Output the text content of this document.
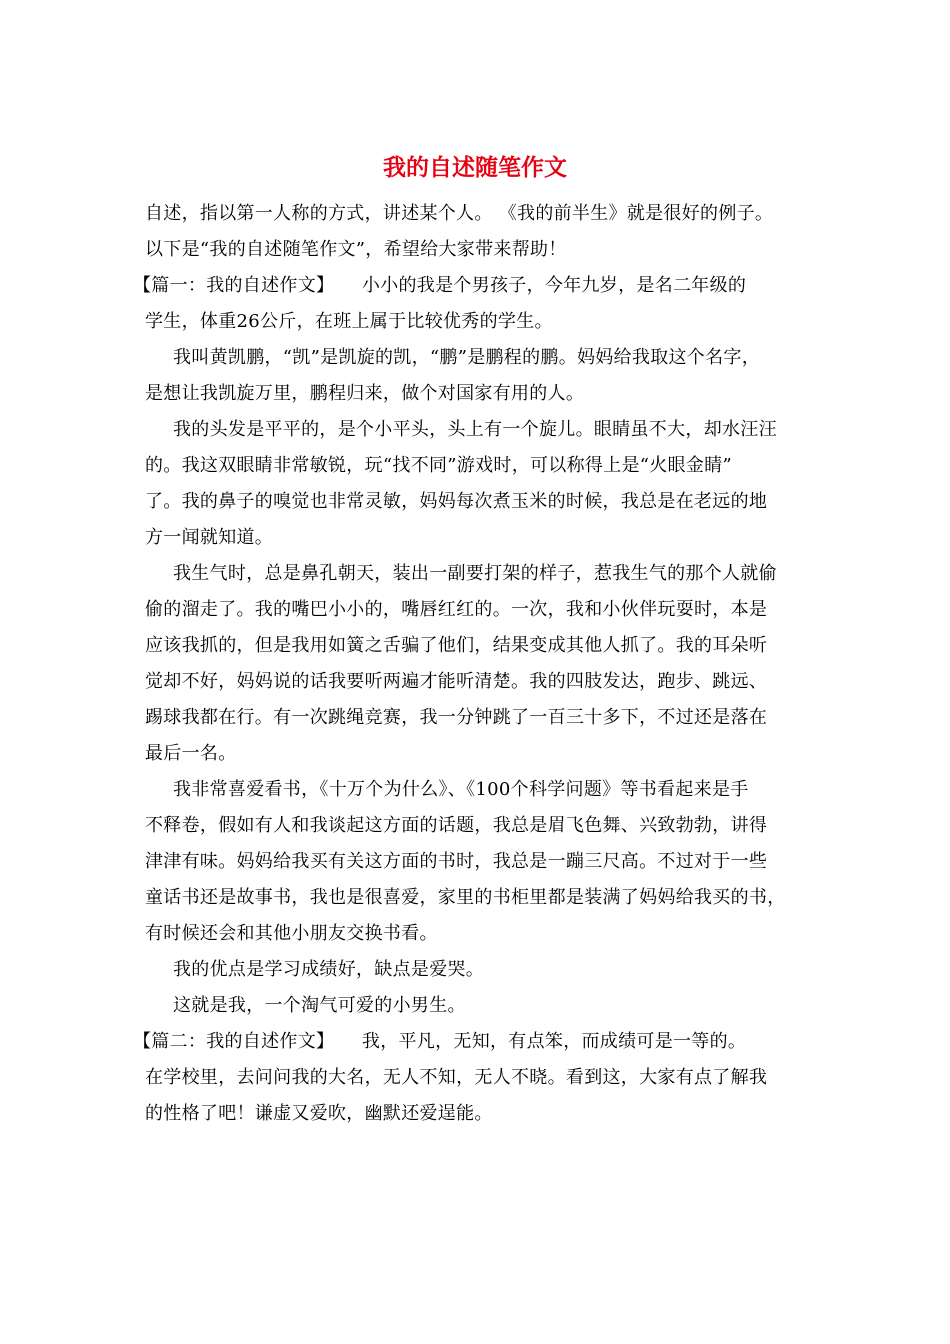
我的自述随笔作文
自述，指以第一人称的方式，讲述某个人。 《我的前半生》就是很好的例子。
以下是“我的自述随笔作文”，希望给大家带来帮助！
【篇一：我的自述作文】　　小小的我是个男孩子，今年九岁，是名二年级的
学生，体重26公斤，在班上属于比较优秀的学生。
我叫黄凯鹏，“凯”是凯旋的凯，“鹏”是鹏程的鹏。妈妈给我取这个名字，
是想让我凯旋万里，鹏程归来，做个对国家有用的人。
我的头发是平平的，是个小平头，头上有一个旋儿。眼睛虽不大，却水汪汪
的。我这双眼睛非常敏锐，玩“找不同”游戏时，可以称得上是“火眼金睛”
了。我的鼻子的嗅觉也非常灵敏，妈妈每次煮玉米的时候，我总是在老远的地
方一闻就知道。
我生气时，总是鼻孔朝天，装出一副要打架的样子，惹我生气的那个人就偷
偷的溜走了。我的嘴巴小小的，嘴唇红红的。一次，我和小伙伴玩耍时，本是
应该我抓的，但是我用如簧之舌骗了他们，结果变成其他人抓了。我的耳朵听
觉却不好，妈妈说的话我要听两遍才能听清楚。我的四肢发达，跑步、跳远、
踢球我都在行。有一次跳绳竞赛，我一分钟跳了一百三十多下，不过还是落在
最后一名。
我非常喜爱看书，《十万个为什么》、《100个科学问题》等书看起来是手
不释卷，假如有人和我谈起这方面的话题，我总是眉飞色舞、兴致勃勃，讲得
津津有味。妈妈给我买有关这方面的书时，我总是一蹦三尺高。不过对于一些
童话书还是故事书，我也是很喜爱，家里的书柜里都是装满了妈妈给我买的书，
有时候还会和其他小朋友交换书看。
我的优点是学习成绩好，缺点是爱哭。
这就是我，一个淘气可爱的小男生。
【篇二：我的自述作文】　　我，平凡，无知，有点笨，而成绩可是一等的。
在学校里，去问问我的大名，无人不知，无人不晓。看到这，大家有点了解我
的性格了吧！谦虚又爱吹，幽默还爱逞能。
